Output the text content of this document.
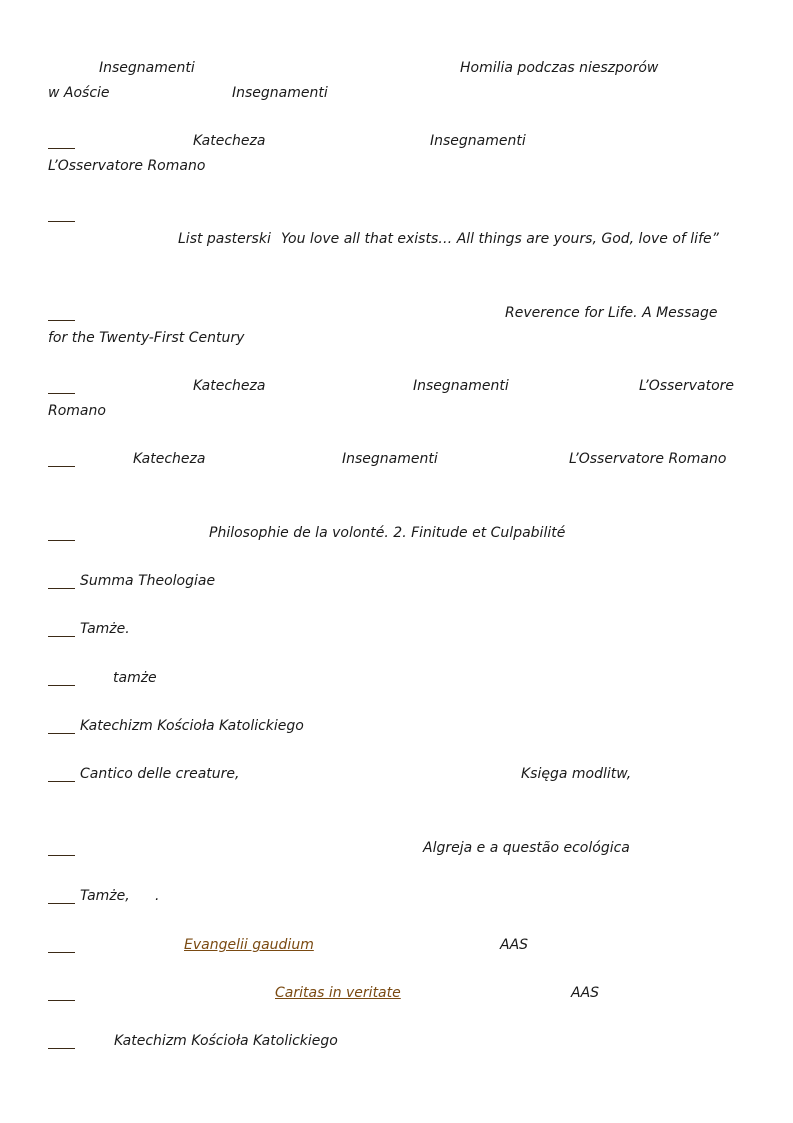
Insegnamenti	Homilia podczas nieszporów
w Aoście	Insegnamenti
Katecheza	Insegnamenti
L’Osservatore Romano
List pasterski You love all that exists… All things are yours, God, love of life”
Reverence for Life. A Message
for the Twenty-First Century
Katecheza	Insegnamenti	L’Osservatore
Romano
Katecheza	Insegnamenti	L’Osservatore Romano
Philosophie de la volonté. 2. Finitude et Culpabilité
Summa Theologiae
Tamże.
tamże
Katechizm Kościoła Katolickiego
Cantico delle creature,	Księga modlitw,
Algreja e a questão ecológica
Tamże, .
Evangelii gaudium	AAS
Caritas in veritate	AAS
Katechizm Kościoła Katolickiego
